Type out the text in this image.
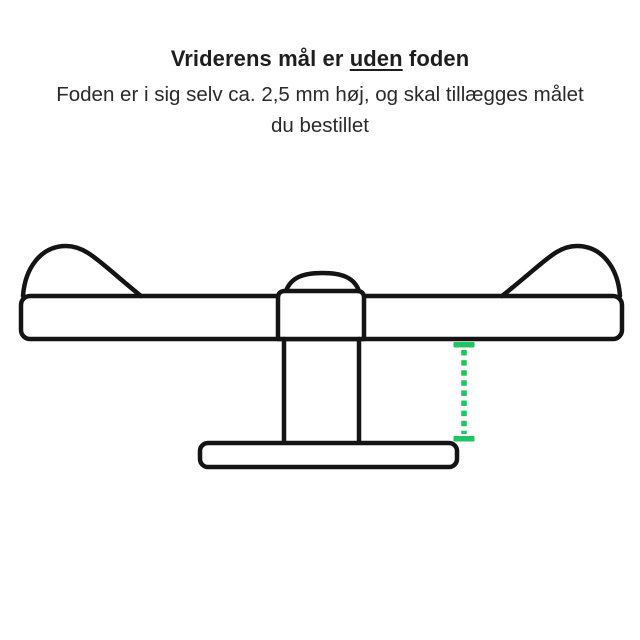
Vriderens mål er uden foden
Foden er i sig selv ca. 2,5 mm høj, og skal tillægges målet
du bestillet
